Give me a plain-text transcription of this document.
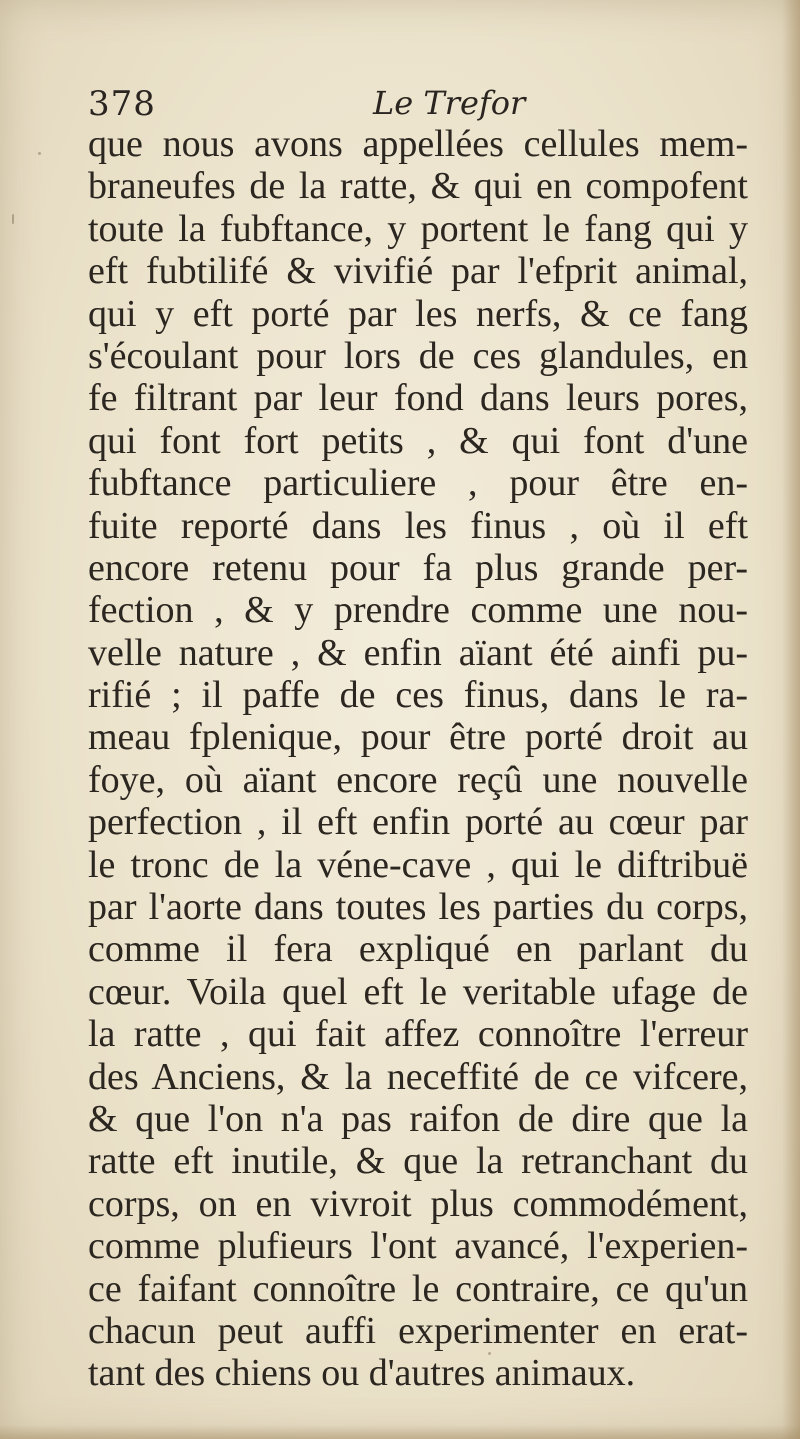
378	Le Trefor
que nous avons appellées cellules mem-
braneufes de la ratte, & qui en compofent
toute la fubftance, y portent le fang qui y
eft fubtilifé & vivifié par l'efprit animal,
qui y eft porté par les nerfs, & ce fang
s'écoulant pour lors de ces glandules, en
fe filtrant par leur fond dans leurs pores,
qui font fort petits , & qui font d'une
fubftance particuliere , pour être en-
fuite reporté dans les finus , où il eft
encore retenu pour fa plus grande per-
fection , & y prendre comme une nou-
velle nature , & enfin aïant été ainfi pu-
rifié ; il paffe de ces finus, dans le ra-
meau fplenique, pour être porté droit au
foye, où aïant encore reçû une nouvelle
perfection , il eft enfin porté au cœur par
le tronc de la véne-cave , qui le diftribuë
par l'aorte dans toutes les parties du corps,
comme il fera expliqué en parlant du
cœur. Voila quel eft le veritable ufage de
la ratte , qui fait affez connoître l'erreur
des Anciens, & la neceffité de ce vifcere,
& que l'on n'a pas raifon de dire que la
ratte eft inutile, & que la retranchant du
corps, on en vivroit plus commodément,
comme plufieurs l'ont avancé, l'experien-
ce faifant connoître le contraire, ce qu'un
chacun peut auffi experimenter en erat-
tant des chiens ou d'autres animaux.
